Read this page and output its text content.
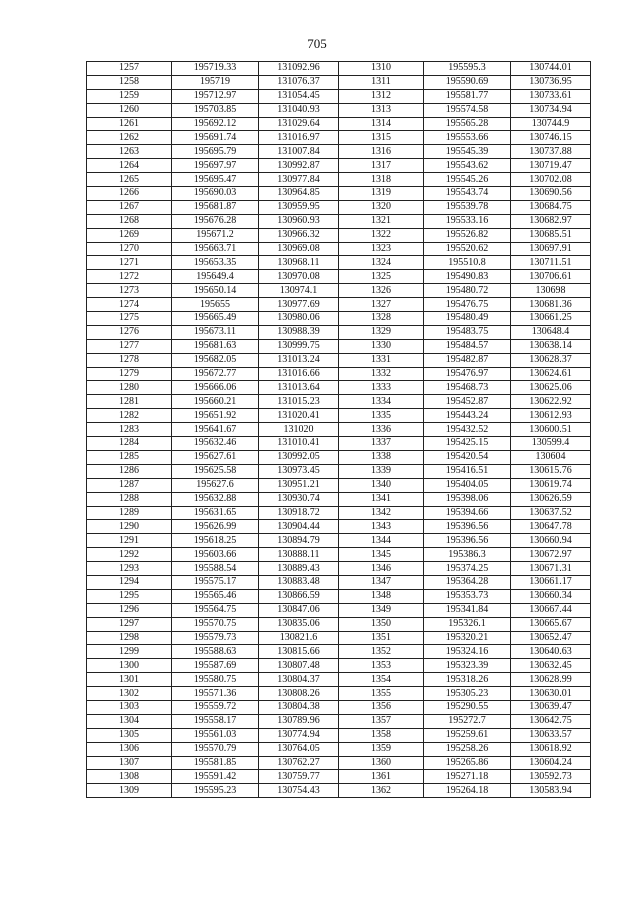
705
1257	195719.33	131092.96	1310	195595.3	130744.01
1258	195719	131076.37	1311	195590.69	130736.95
1259	195712.97	131054.45	1312	195581.77	130733.61
1260	195703.85	131040.93	1313	195574.58	130734.94
1261	195692.12	131029.64	1314	195565.28	130744.9
1262	195691.74	131016.97	1315	195553.66	130746.15
1263	195695.79	131007.84	1316	195545.39	130737.88
1264	195697.97	130992.87	1317	195543.62	130719.47
1265	195695.47	130977.84	1318	195545.26	130702.08
1266	195690.03	130964.85	1319	195543.74	130690.56
1267	195681.87	130959.95	1320	195539.78	130684.75
1268	195676.28	130960.93	1321	195533.16	130682.97
1269	195671.2	130966.32	1322	195526.82	130685.51
1270	195663.71	130969.08	1323	195520.62	130697.91
1271	195653.35	130968.11	1324	195510.8	130711.51
1272	195649.4	130970.08	1325	195490.83	130706.61
1273	195650.14	130974.1	1326	195480.72	130698
1274	195655	130977.69	1327	195476.75	130681.36
1275	195665.49	130980.06	1328	195480.49	130661.25
1276	195673.11	130988.39	1329	195483.75	130648.4
1277	195681.63	130999.75	1330	195484.57	130638.14
1278	195682.05	131013.24	1331	195482.87	130628.37
1279	195672.77	131016.66	1332	195476.97	130624.61
1280	195666.06	131013.64	1333	195468.73	130625.06
1281	195660.21	131015.23	1334	195452.87	130622.92
1282	195651.92	131020.41	1335	195443.24	130612.93
1283	195641.67	131020	1336	195432.52	130600.51
1284	195632.46	131010.41	1337	195425.15	130599.4
1285	195627.61	130992.05	1338	195420.54	130604
1286	195625.58	130973.45	1339	195416.51	130615.76
1287	195627.6	130951.21	1340	195404.05	130619.74
1288	195632.88	130930.74	1341	195398.06	130626.59
1289	195631.65	130918.72	1342	195394.66	130637.52
1290	195626.99	130904.44	1343	195396.56	130647.78
1291	195618.25	130894.79	1344	195396.56	130660.94
1292	195603.66	130888.11	1345	195386.3	130672.97
1293	195588.54	130889.43	1346	195374.25	130671.31
1294	195575.17	130883.48	1347	195364.28	130661.17
1295	195565.46	130866.59	1348	195353.73	130660.34
1296	195564.75	130847.06	1349	195341.84	130667.44
1297	195570.75	130835.06	1350	195326.1	130665.67
1298	195579.73	130821.6	1351	195320.21	130652.47
1299	195588.63	130815.66	1352	195324.16	130640.63
1300	195587.69	130807.48	1353	195323.39	130632.45
1301	195580.75	130804.37	1354	195318.26	130628.99
1302	195571.36	130808.26	1355	195305.23	130630.01
1303	195559.72	130804.38	1356	195290.55	130639.47
1304	195558.17	130789.96	1357	195272.7	130642.75
1305	195561.03	130774.94	1358	195259.61	130633.57
1306	195570.79	130764.05	1359	195258.26	130618.92
1307	195581.85	130762.27	1360	195265.86	130604.24
1308	195591.42	130759.77	1361	195271.18	130592.73
1309	195595.23	130754.43	1362	195264.18	130583.94
